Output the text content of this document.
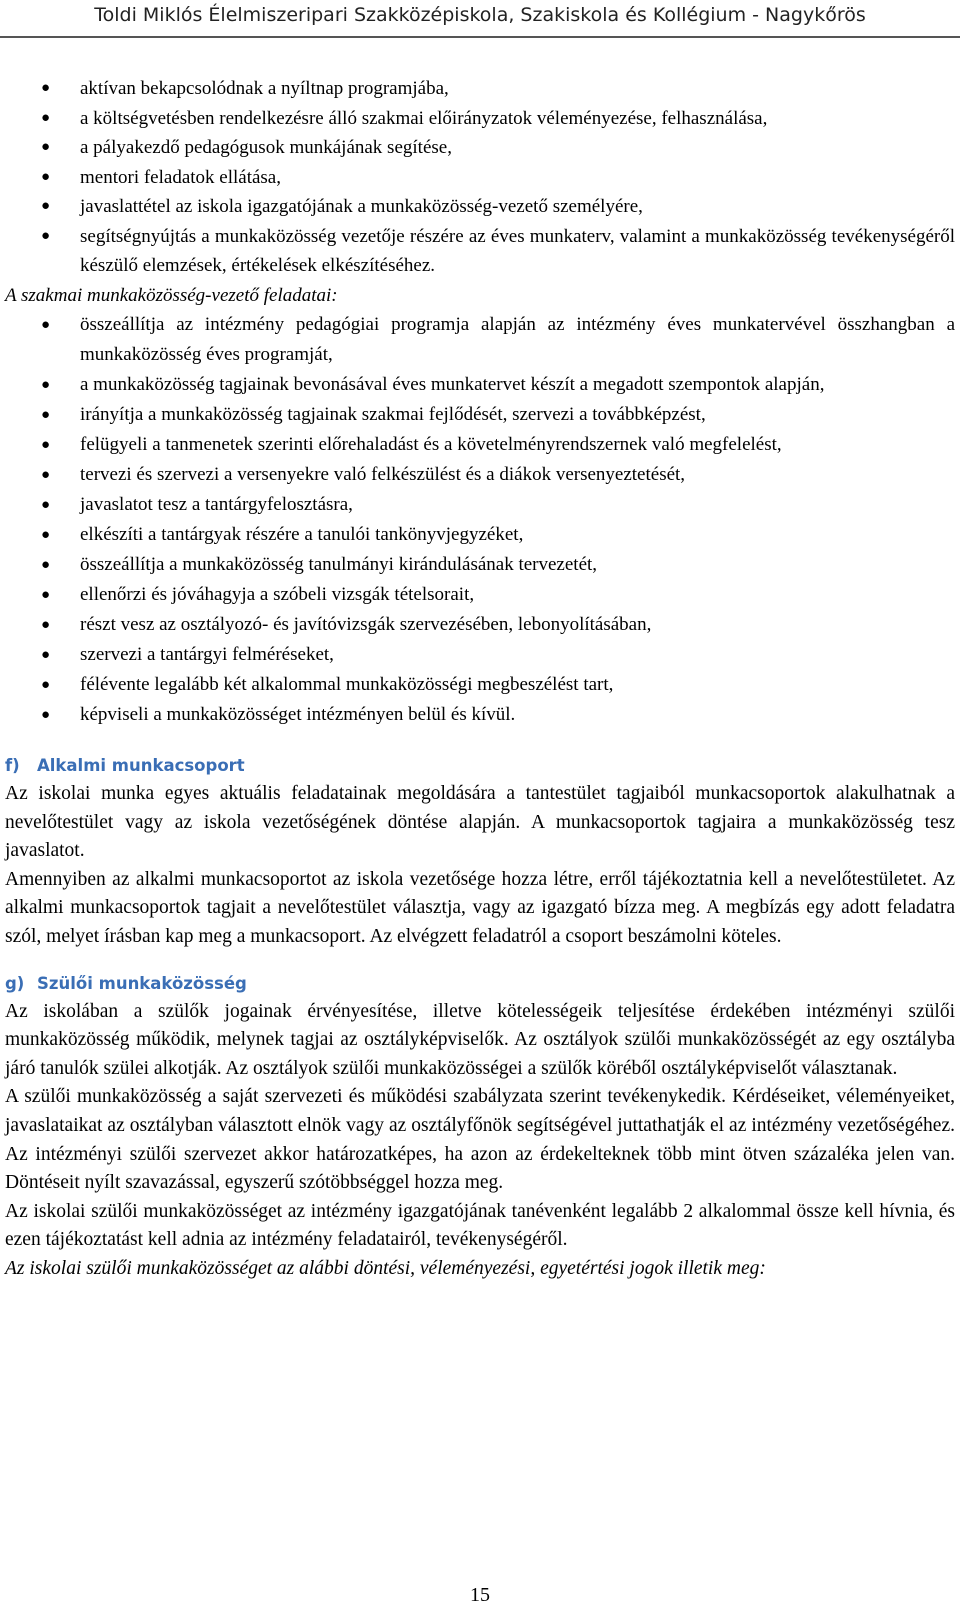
Toldi Miklós Élelmiszeripari Szakközépiskola, Szakiskola és Kollégium - Nagykőrös
● aktívan bekapcsolódnak a nyíltnap programjába,
● a költségvetésben rendelkezésre álló szakmai előirányzatok véleményezése, felhasználása,
● a pályakezdő pedagógusok munkájának segítése,
● mentori feladatok ellátása,
● javaslattétel az iskola igazgatójának a munkaközösség-vezető személyére,
● segítségnyújtás a munkaközösség vezetője részére az éves munkaterv, valamint a munkaközösség tevékenységéről készülő elemzések, értékelések elkészítéséhez.

A szakmai munkaközösség-vezető feladatai:

● összeállítja az intézmény pedagógiai programja alapján az intézmény éves munkatervével összhangban a munkaközösség éves programját,
● a munkaközösség tagjainak bevonásával éves munkatervet készít a megadott szempontok alapján,
● irányítja a munkaközösség tagjainak szakmai fejlődését, szervezi a továbbképzést,
● felügyeli a tanmenetek szerinti előrehaladást és a követelményrendszernek való megfelelést,
● tervezi és szervezi a versenyekre való felkészülést és a diákok versenyeztetését,
● javaslatot tesz a tantárgyfelosztásra,
● elkészíti a tantárgyak részére a tanulói tankönyvjegyzéket,
● összeállítja a munkaközösség tanulmányi kirándulásának tervezetét,
● ellenőrzi és jóváhagyja a szóbeli vizsgák tételsorait,
● részt vesz az osztályozó- és javítóvizsgák szervezésében, lebonyolításában,
● szervezi a tantárgyi felméréseket,
● félévente legalább két alkalommal munkaközösségi megbeszélést tart,
● képviseli a munkaközösséget intézményen belül és kívül.
f) Alkalmi munkacsoport

Az iskolai munka egyes aktuális feladatainak megoldására a tantestület tagjaiból munkacsoportok alakulhatnak a nevelőtestület vagy az iskola vezetőségének döntése alapján. A munkacsoportok tagjaira a munkaközösség tesz javaslatot.

Amennyiben az alkalmi munkacsoportot az iskola vezetősége hozza létre, erről tájékoztatnia kell a nevelőtestületet. Az alkalmi munkacsoportok tagjait a nevelőtestület választja, vagy az igazgató bízza meg. A megbízás egy adott feladatra szól, melyet írásban kap meg a munkacsoport. Az elvégzett feladatról a csoport beszámolni köteles.

g) Szülői munkaközösség

Az iskolában a szülők jogainak érvényesítése, illetve kötelességeik teljesítése érdekében intézményi szülői munkaközösség működik, melynek tagjai az osztályképviselők. Az osztályok szülői munkaközösségét az egy osztályba járó tanulók szülei alkotják. Az osztályok szülői munkaközösségei a szülők köréből osztályképviselőt választanak.

A szülői munkaközösség a saját szervezeti és működési szabályzata szerint tevékenykedik. Kérdéseiket, véleményeiket, javaslataikat az osztályban választott elnök vagy az osztályfőnök segítségével juttathatják el az intézmény vezetőségéhez. Az intézményi szülői szervezet akkor határozatképes, ha azon az érdekelteknek több mint ötven százaléka jelen van. Döntéseit nyílt szavazással, egyszerű szótöbbséggel hozza meg.

Az iskolai szülői munkaközösséget az intézmény igazgatójának tanévenként legalább 2 alkalommal össze kell hívnia, és ezen tájékoztatást kell adnia az intézmény feladatairól, tevékenységéről.

Az iskolai szülői munkaközösséget az alábbi döntési, véleményezési, egyetértési jogok illetik meg:

15
